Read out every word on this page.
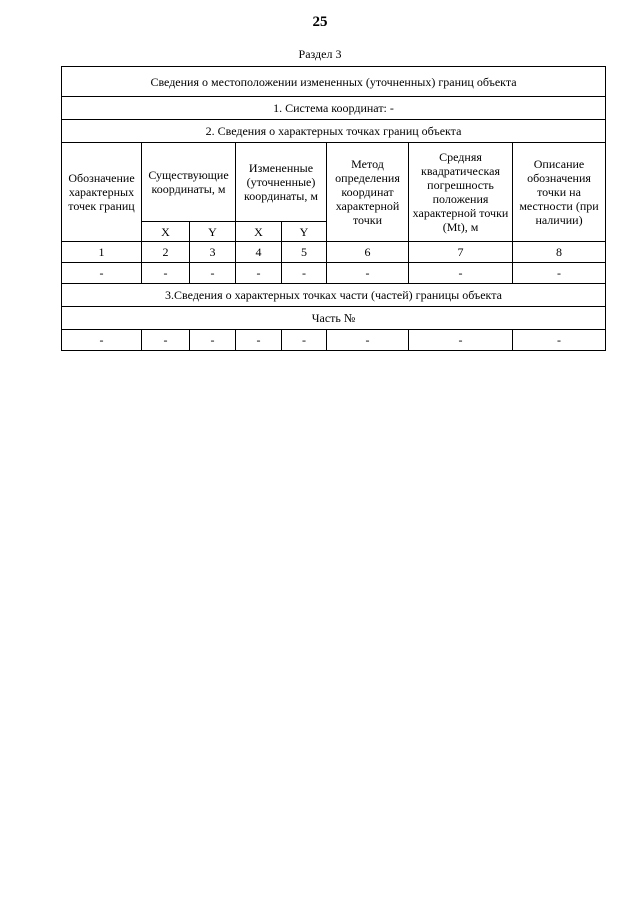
25
Раздел 3
Сведения о местоположении измененных (уточненных) границ объекта							
1. Система координат: -							
2. Сведения о характерных точках границ объекта							
Обозначение характерных точек границ	Существующие координаты, м		Измененные (уточненные) координаты, м		Метод определения координат характерной точки	Средняя квадратическая погрешность положения характерной точки (Mt), м	Описание обозначения точки на местности (при наличии)
	X	Y	X	Y			
1	2	3	4	5	6	7	8
-	-	-	-	-	-	-	-
3.Сведения о характерных точках части (частей) границы объекта							
Часть №							
-	-	-	-	-	-	-	-
